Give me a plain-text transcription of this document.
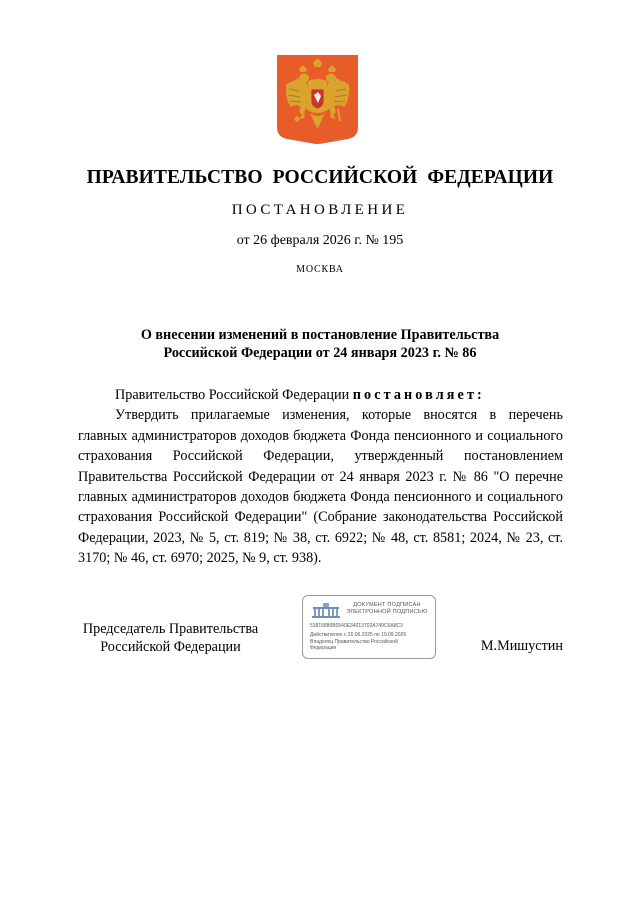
ПРАВИТЕЛЬСТВО  РОССИЙСКОЙ  ФЕДЕРАЦИИ
ПОСТАНОВЛЕНИЕ
от 26 февраля 2026 г. № 195
МОСКВА
О внесении изменений в постановление Правительства
Российской Федерации от 24 января 2023 г. № 86

Правительство Российской Федерации постановляет:

Утвердить прилагаемые изменения, которые вносятся в перечень главных администраторов доходов бюджета Фонда пенсионного и социального страхования Российской Федерации, утвержденный постановлением Правительства Российской Федерации от 24 января 2023 г. № 86 "О перечне главных администраторов доходов бюджета Фонда пенсионного и социального страхования Российской Федерации" (Собрание законодательства Российской Федерации, 2023, № 5, ст. 819; № 38, ст. 6922; № 48, ст. 8581; 2024, № 23, ст. 3170; № 46, ст. 6970; 2025, № 9, ст. 938).

Председатель Правительства
Российской Федерации
ДОКУМЕНТ ПОДПИСАН
ЭЛЕКТРОННОЙ ПОДПИСЬЮ
51815886B0540E34013702A749C6A8C3
Действителен с 26.06.2025 по 19.09.2026
Владелец Правительство Российской
Федерации	М.Мишустин
